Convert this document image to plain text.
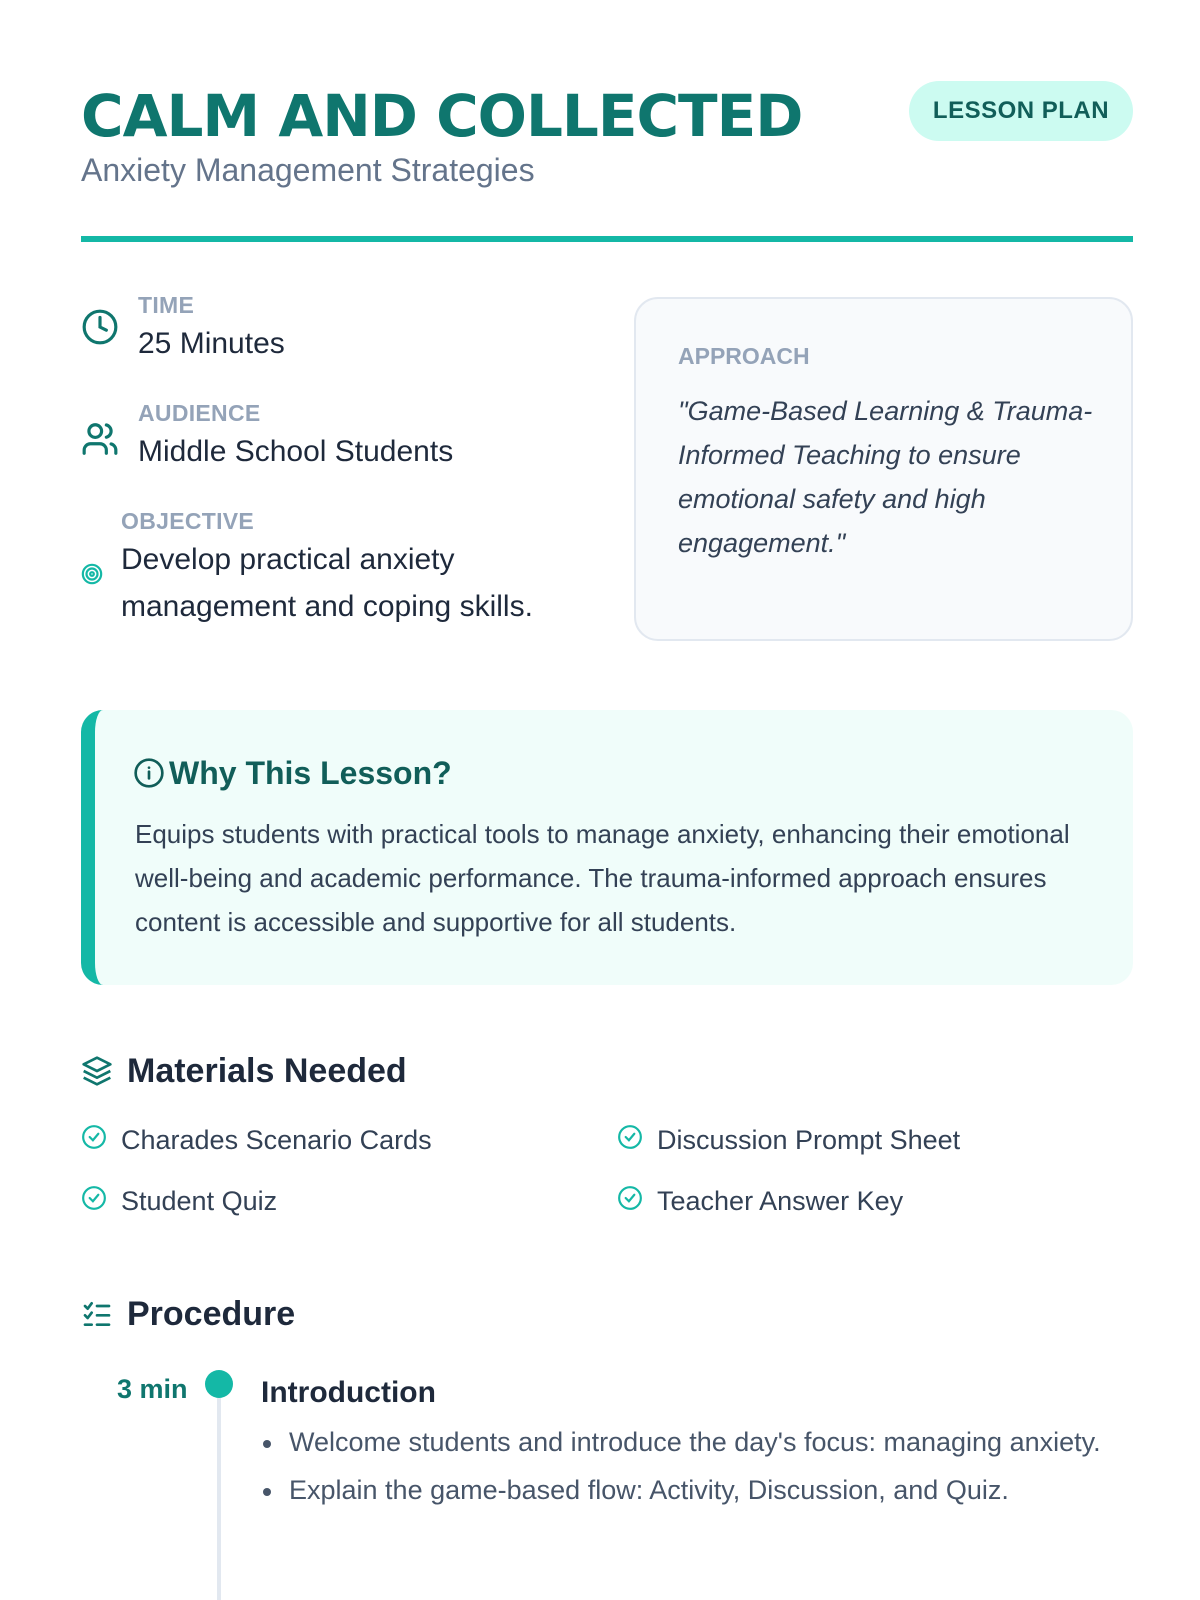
CALM AND COLLECTED
Anxiety Management Strategies
LESSON PLAN
TIME
25 Minutes
AUDIENCE
Middle School Students
OBJECTIVE
Develop practical anxiety management and coping skills.
APPROACH
"Game-Based Learning & Trauma-Informed Teaching to ensure emotional safety and high engagement."
Why This Lesson?
Equips students with practical tools to manage anxiety, enhancing their emotional well-being and academic performance. The trauma-informed approach ensures content is accessible and supportive for all students.
Materials Needed
Charades Scenario Cards	Discussion Prompt Sheet
Student Quiz	Teacher Answer Key
Procedure
3 min Introduction
Welcome students and introduce the day's focus: managing anxiety.
Explain the game-based flow: Activity, Discussion, and Quiz.
